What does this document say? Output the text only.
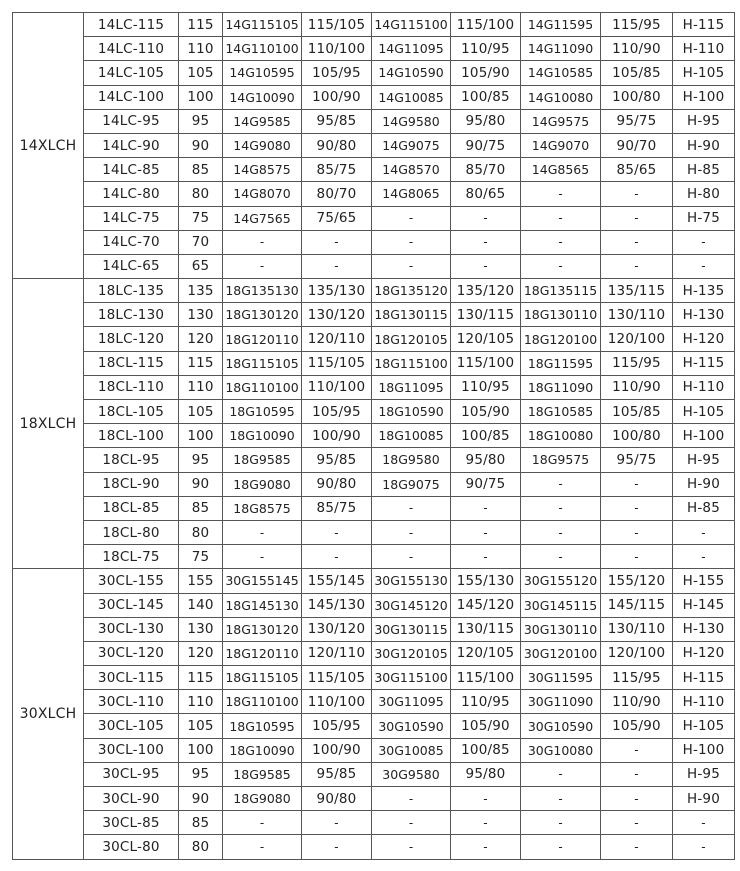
14XLCH	14LC-115	115	14G115105	115/105	14G115100	115/100	14G11595	115/95	H-115
	14LC-110	110	14G110100	110/100	14G11095	110/95	14G11090	110/90	H-110
	14LC-105	105	14G10595	105/95	14G10590	105/90	14G10585	105/85	H-105
	14LC-100	100	14G10090	100/90	14G10085	100/85	14G10080	100/80	H-100
	14LC-95	95	14G9585	95/85	14G9580	95/80	14G9575	95/75	H-95
	14LC-90	90	14G9080	90/80	14G9075	90/75	14G9070	90/70	H-90
	14LC-85	85	14G8575	85/75	14G8570	85/70	14G8565	85/65	H-85
	14LC-80	80	14G8070	80/70	14G8065	80/65	-	-	H-80
	14LC-75	75	14G7565	75/65	-	-	-	-	H-75
	14LC-70	70	-	-	-	-	-	-	-
	14LC-65	65	-	-	-	-	-	-	-
18XLCH	18LC-135	135	18G135130	135/130	18G135120	135/120	18G135115	135/115	H-135
	18LC-130	130	18G130120	130/120	18G130115	130/115	18G130110	130/110	H-130
	18LC-120	120	18G120110	120/110	18G120105	120/105	18G120100	120/100	H-120
	18CL-115	115	18G115105	115/105	18G115100	115/100	18G11595	115/95	H-115
	18CL-110	110	18G110100	110/100	18G11095	110/95	18G11090	110/90	H-110
	18CL-105	105	18G10595	105/95	18G10590	105/90	18G10585	105/85	H-105
	18CL-100	100	18G10090	100/90	18G10085	100/85	18G10080	100/80	H-100
	18CL-95	95	18G9585	95/85	18G9580	95/80	18G9575	95/75	H-95
	18CL-90	90	18G9080	90/80	18G9075	90/75	-	-	H-90
	18CL-85	85	18G8575	85/75	-	-	-	-	H-85
	18CL-80	80	-	-	-	-	-	-	-
	18CL-75	75	-	-	-	-	-	-	-
30XLCH	30CL-155	155	30G155145	155/145	30G155130	155/130	30G155120	155/120	H-155
	30CL-145	140	18G145130	145/130	30G145120	145/120	30G145115	145/115	H-145
	30CL-130	130	18G130120	130/120	30G130115	130/115	30G130110	130/110	H-130
	30CL-120	120	18G120110	120/110	30G120105	120/105	30G120100	120/100	H-120
	30CL-115	115	18G115105	115/105	30G115100	115/100	30G11595	115/95	H-115
	30CL-110	110	18G110100	110/100	30G11095	110/95	30G11090	110/90	H-110
	30CL-105	105	18G10595	105/95	30G10590	105/90	30G10590	105/90	H-105
	30CL-100	100	18G10090	100/90	30G10085	100/85	30G10080	-	H-100
	30CL-95	95	18G9585	95/85	30G9580	95/80	-	-	H-95
	30CL-90	90	18G9080	90/80	-	-	-	-	H-90
	30CL-85	85	-	-	-	-	-	-	-
	30CL-80	80	-	-	-	-	-	-	-
